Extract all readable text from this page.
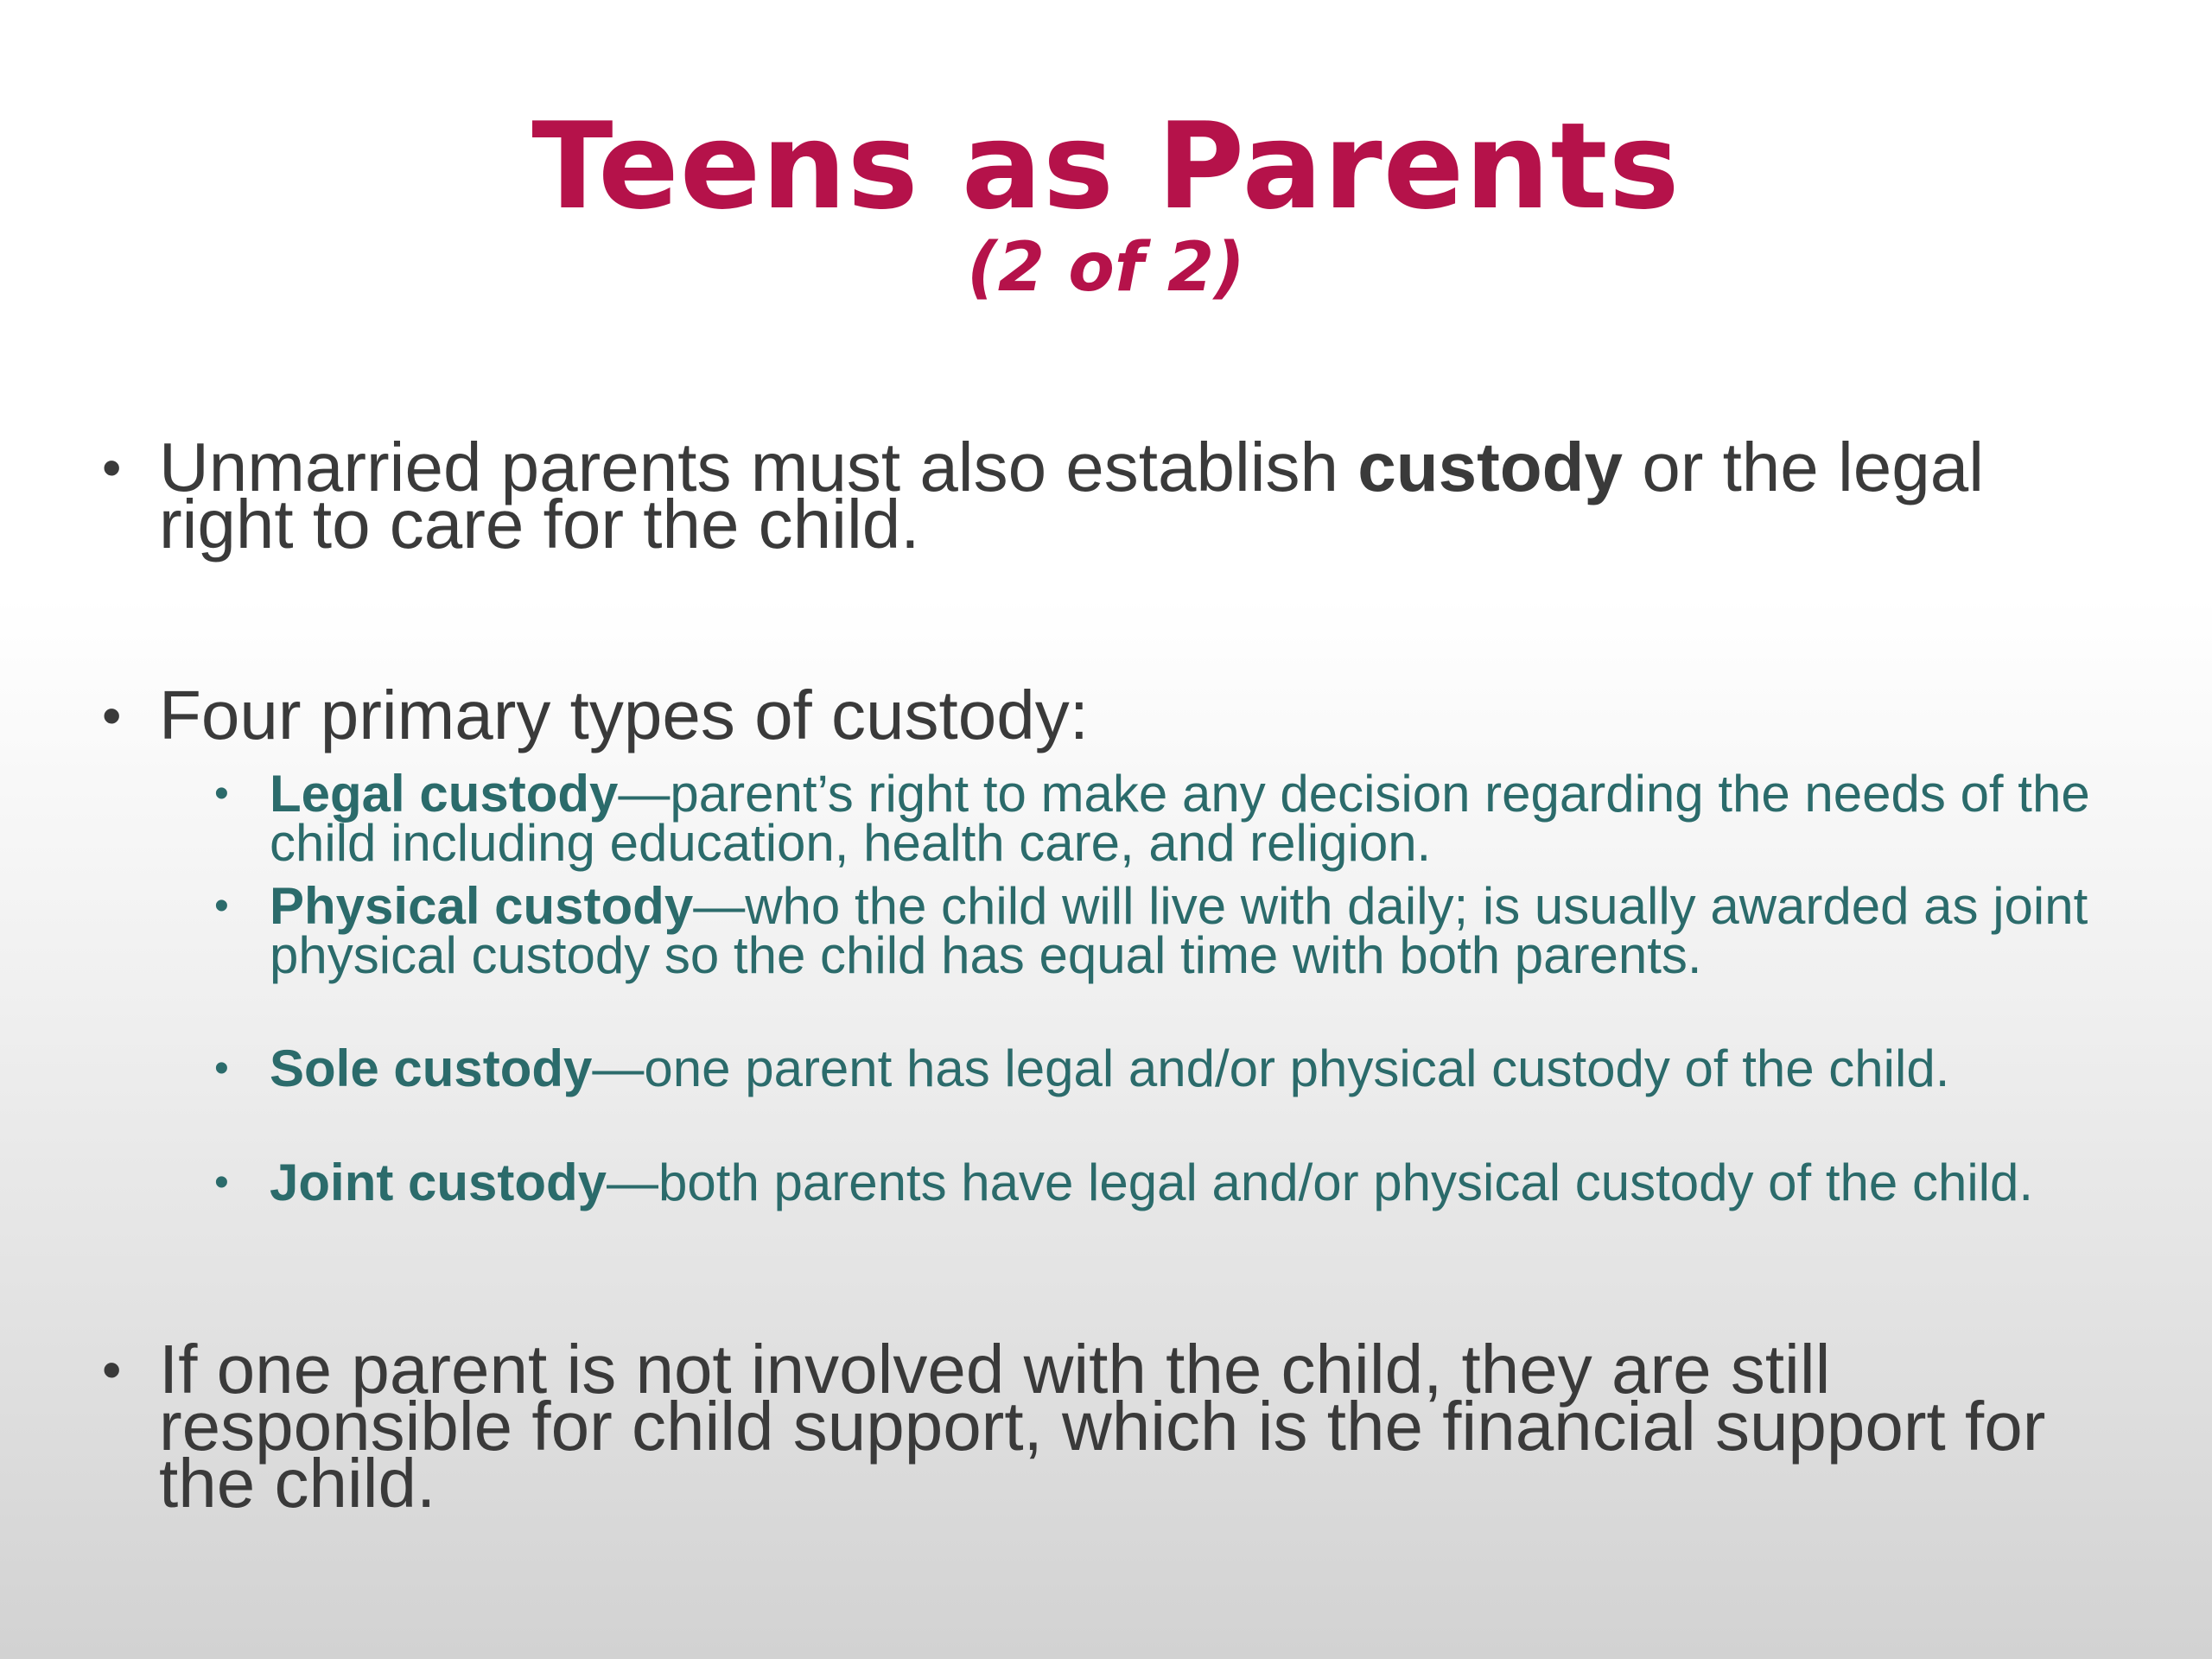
Teens as Parents
(2 of 2)
• Unmarried parents must also establish custody or the legal right to care for the child.
• Four primary types of custody:
• Legal custody—parent’s right to make any decision regarding the needs of the child including education, health care, and religion.
• Physical custody—who the child will live with daily; is usually awarded as joint physical custody so the child has equal time with both parents.
• Sole custody—one parent has legal and/or physical custody of the child.
• Joint custody—both parents have legal and/or physical custody of the child.
• If one parent is not involved with the child, they are still responsible for child support, which is the financial support for the child.
